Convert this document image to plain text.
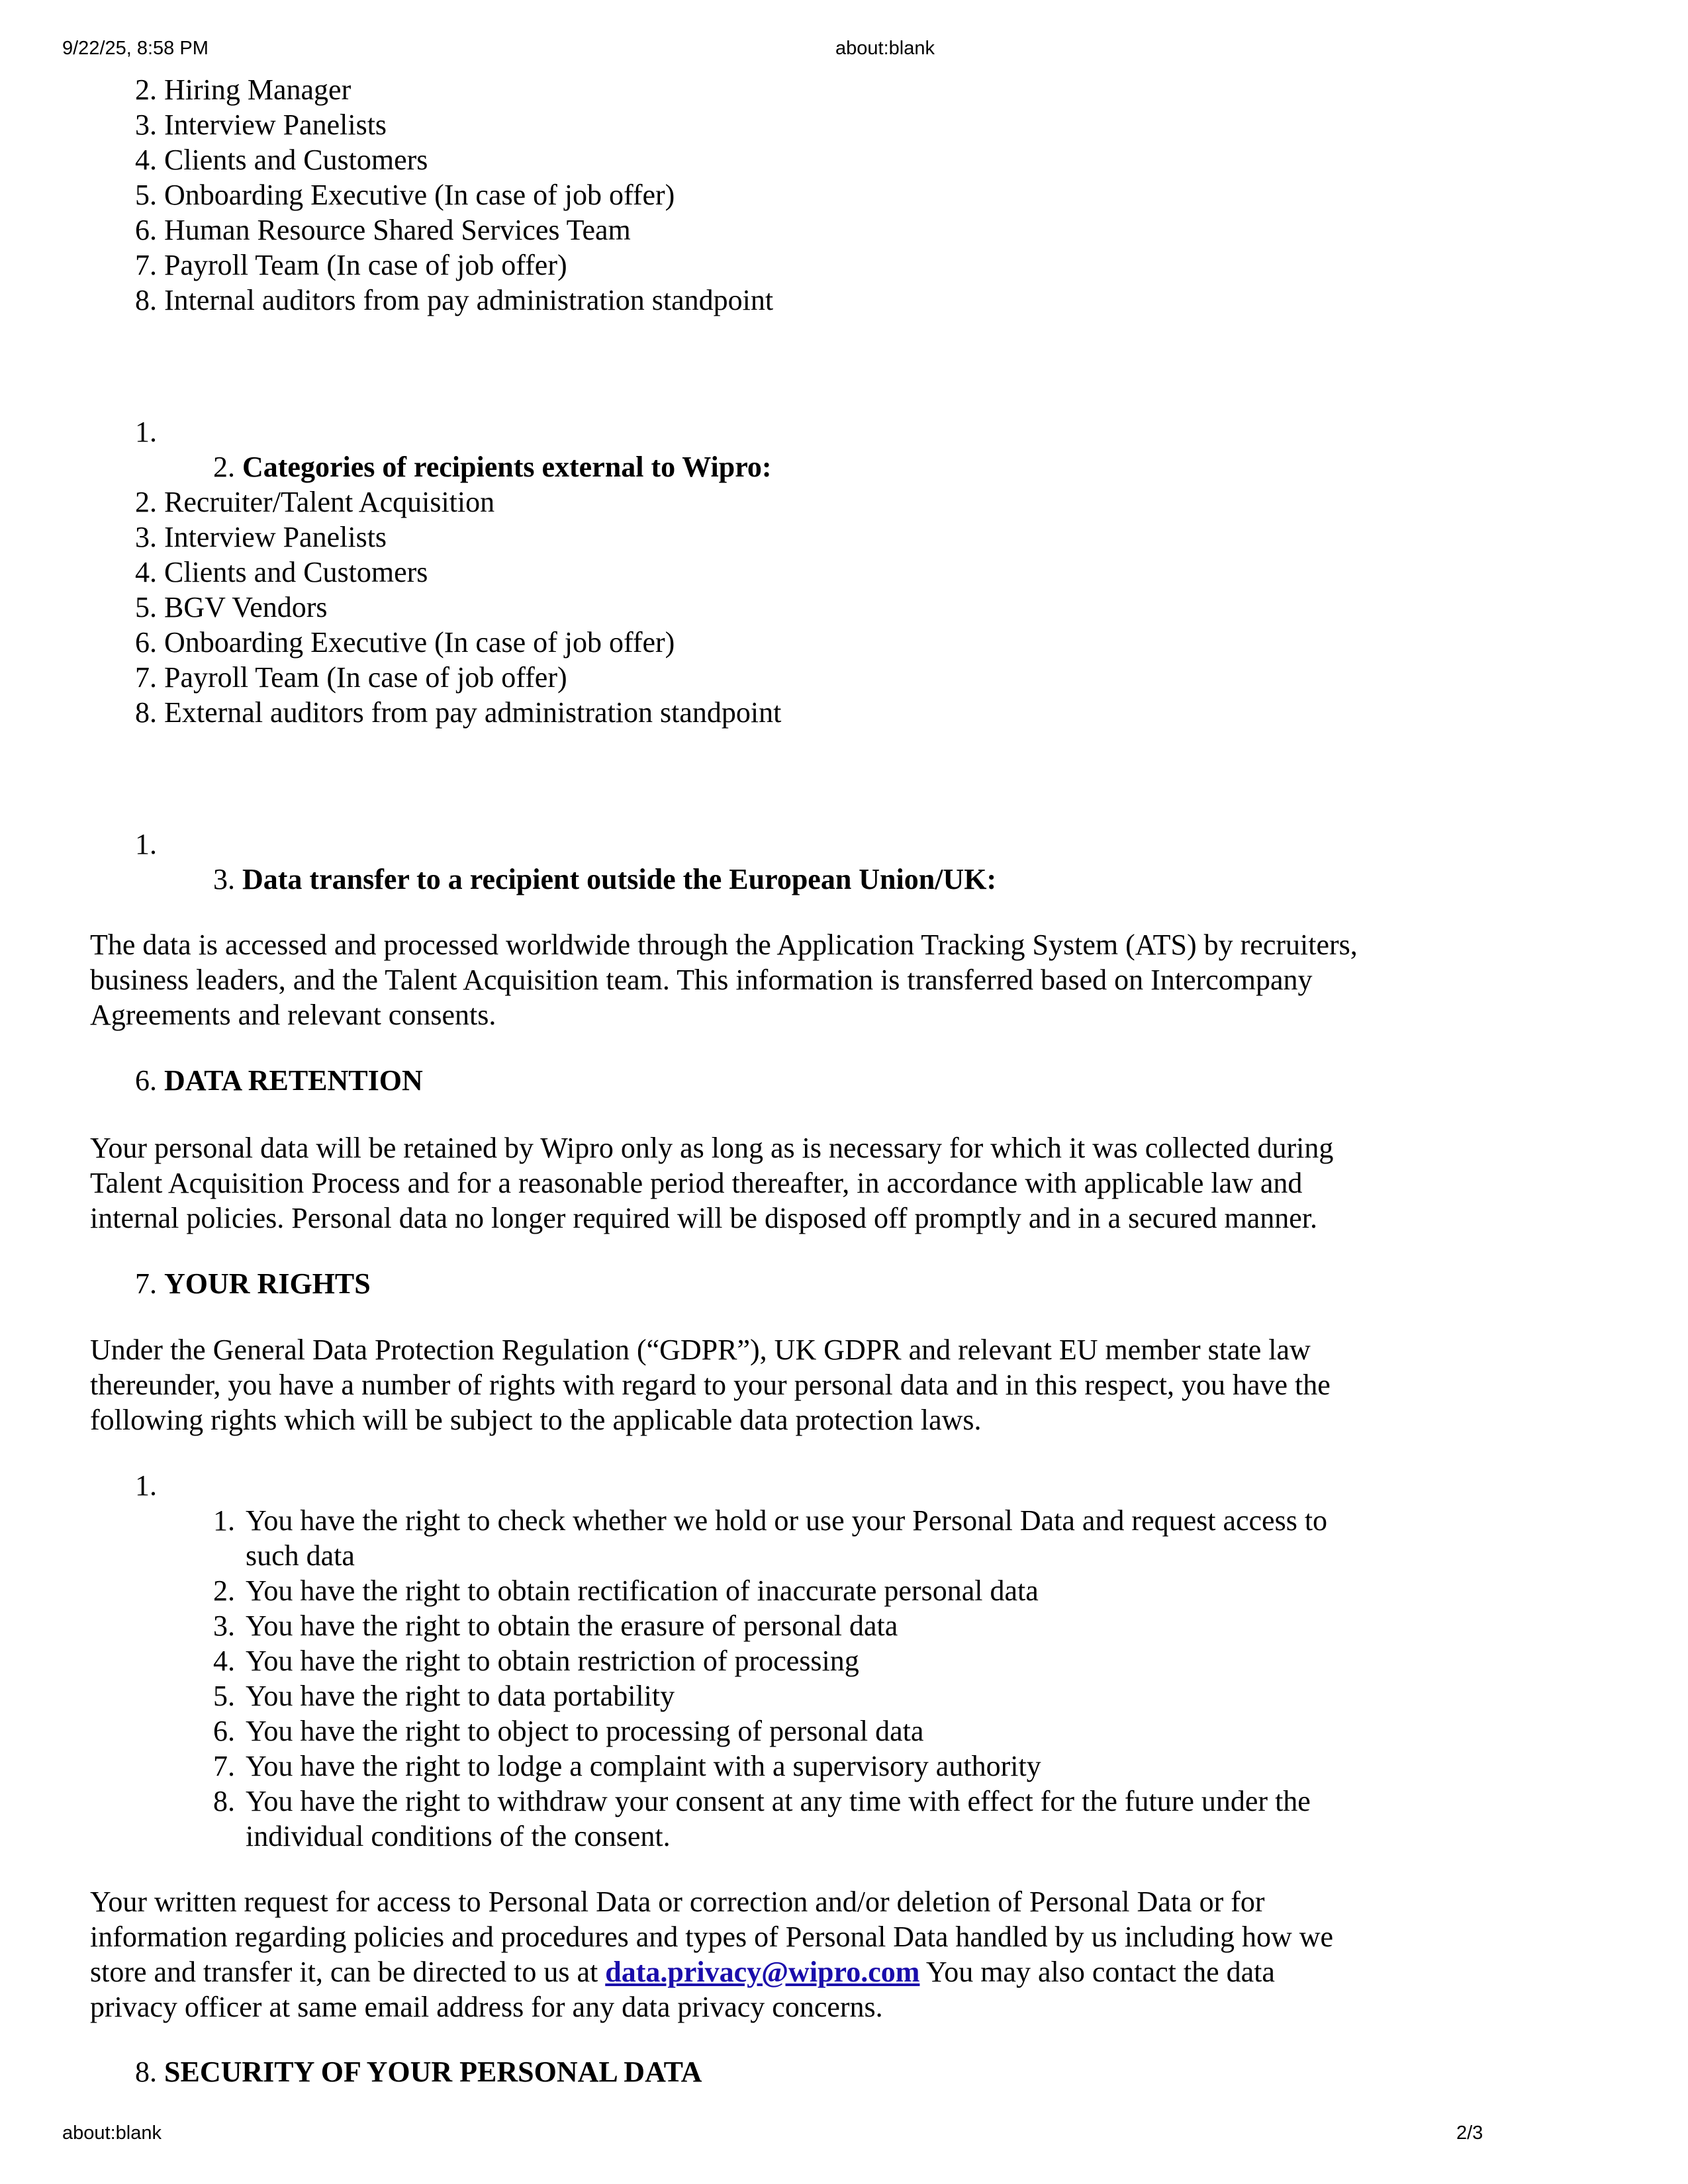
9/22/25, 8:58 PM	about:blank
2. Hiring Manager
3. Interview Panelists
4. Clients and Customers
5. Onboarding Executive (In case of job offer)
6. Human Resource Shared Services Team
7. Payroll Team (In case of job offer)
8. Internal auditors from pay administration standpoint
1.
2. Categories of recipients external to Wipro:
2. Recruiter/Talent Acquisition
3. Interview Panelists
4. Clients and Customers
5. BGV Vendors
6. Onboarding Executive (In case of job offer)
7. Payroll Team (In case of job offer)
8. External auditors from pay administration standpoint
1.
3. Data transfer to a recipient outside the European Union/UK:
The data is accessed and processed worldwide through the Application Tracking System (ATS) by recruiters,
business leaders, and the Talent Acquisition team. This information is transferred based on Intercompany
Agreements and relevant consents.
6. DATA RETENTION
Your personal data will be retained by Wipro only as long as is necessary for which it was collected during
Talent Acquisition Process and for a reasonable period thereafter, in accordance with applicable law and
internal policies. Personal data no longer required will be disposed off promptly and in a secured manner.
7. YOUR RIGHTS
Under the General Data Protection Regulation (“GDPR”), UK GDPR and relevant EU member state law
thereunder, you have a number of rights with regard to your personal data and in this respect, you have the
following rights which will be subject to the applicable data protection laws.
1.
1. You have the right to check whether we hold or use your Personal Data and request access to
such data
2. You have the right to obtain rectification of inaccurate personal data
3. You have the right to obtain the erasure of personal data
4. You have the right to obtain restriction of processing
5. You have the right to data portability
6. You have the right to object to processing of personal data
7. You have the right to lodge a complaint with a supervisory authority
8. You have the right to withdraw your consent at any time with effect for the future under the
individual conditions of the consent.
Your written request for access to Personal Data or correction and/or deletion of Personal Data or for
information regarding policies and procedures and types of Personal Data handled by us including how we
store and transfer it, can be directed to us at data.privacy@wipro.com You may also contact the data
privacy officer at same email address for any data privacy concerns.
8. SECURITY OF YOUR PERSONAL DATA
about:blank	2/3
